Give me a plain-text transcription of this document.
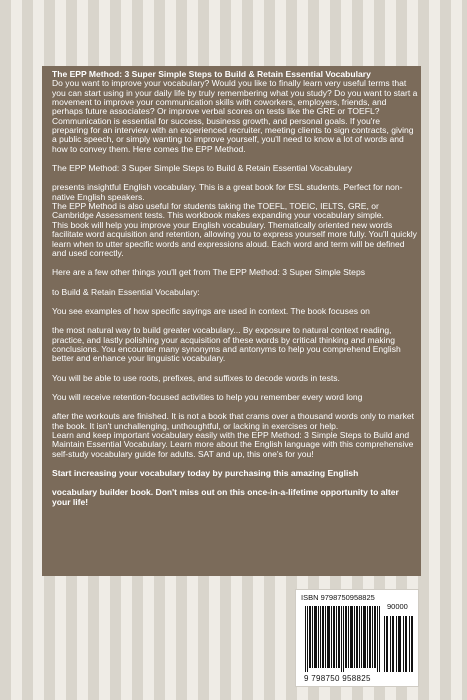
The EPP Method: 3 Super Simple Steps to Build & Retain Essential Vocabulary

Do you want to improve your vocabulary? Would you like to finally learn very useful terms that you can start using in your daily life by truly remembering what you study? Do you want to start a movement to improve your communication skills with coworkers, employers, friends, and perhaps future associates? Or improve verbal scores on tests like the GRE or TOEFL?

Communication is essential for success, business growth, and personal goals. If you're preparing for an interview with an experienced recruiter, meeting clients to sign contracts, giving a public speech, or simply wanting to improve yourself, you'll need to know a lot of words and how to convey them. Here comes the EPP Method.

The EPP Method: 3 Super Simple Steps to Build & Retain Essential Vocabulary

presents insightful English vocabulary. This is a great book for ESL students. Perfect for non-native English speakers.

The EPP Method is also useful for students taking the TOEFL, TOEIC, IELTS, GRE, or Cambridge Assessment tests. This workbook makes expanding your vocabulary simple.

This book will help you improve your English vocabulary. Thematically oriented new words facilitate word acquisition and retention, allowing you to express yourself more fully. You'll quickly learn when to utter specific words and expressions aloud. Each word and term will be defined and used correctly.

Here are a few other things you'll get from The EPP Method: 3 Super Simple Steps

to Build & Retain Essential Vocabulary:

You see examples of how specific sayings are used in context. The book focuses on

the most natural way to build greater vocabulary... By exposure to natural context reading, practice, and lastly polishing your acquisition of these words by critical thinking and making conclusions. You encounter many synonyms and antonyms to help you comprehend English better and enhance your linguistic vocabulary.

You will be able to use roots, prefixes, and suffixes to decode words in tests.

You will receive retention-focused activities to help you remember every word long

after the workouts are finished. It is not a book that crams over a thousand words only to market the book. It isn't unchallenging, unthoughtful, or lacking in exercises or help.

Learn and keep important vocabulary easily with the EPP Method: 3 Simple Steps to Build and Maintain Essential Vocabulary. Learn more about the English language with this comprehensive self-study vocabulary guide for adults. SAT and up, this one's for you!

Start increasing your vocabulary today by purchasing this amazing English

vocabulary builder book. Don't miss out on this once-in-a-lifetime opportunity to alter your life!

ISBN 9798750958825
90000
9 798750 958825
